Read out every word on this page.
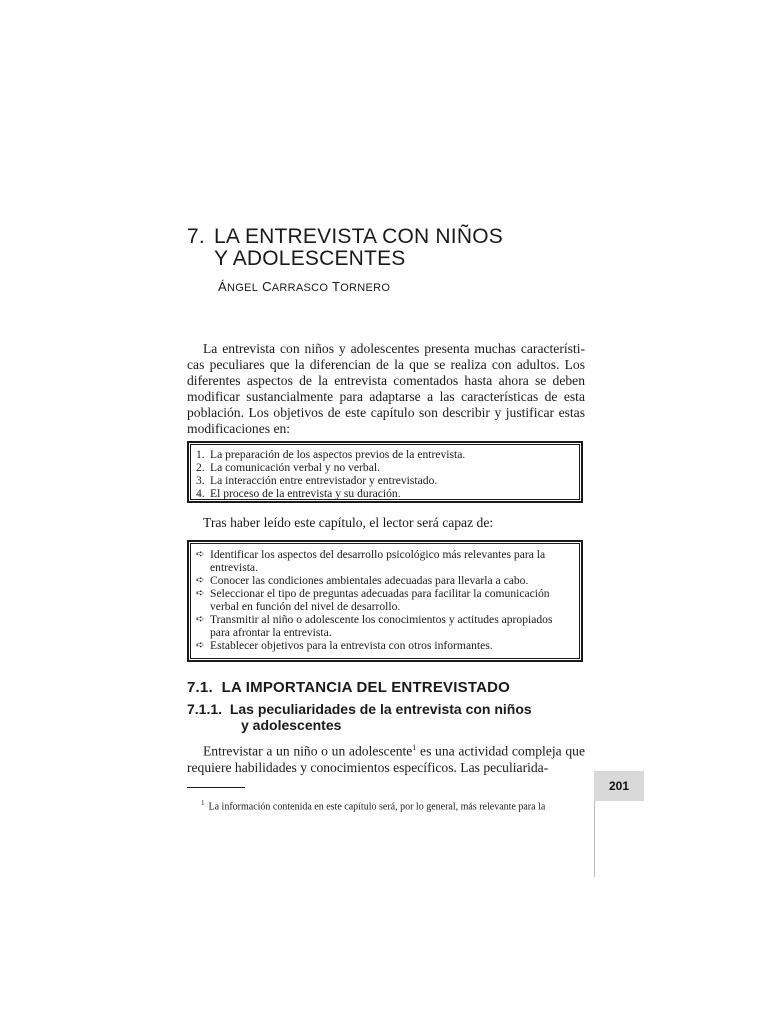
7. LA ENTREVISTA CON NIÑOS
Y ADOLESCENTES

ÁNGEL CARRASCO TORNERO

La entrevista con niños y adolescentes presenta muchas características peculiares que la diferencian de la que se realiza con adultos. Los diferentes aspectos de la entrevista comentados hasta ahora se deben modificar sustancialmente para adaptarse a las características de esta población. Los objetivos de este capítulo son describir y justificar estas modificaciones en:

1. La preparación de los aspectos previos de la entrevista.
2. La comunicación verbal y no verbal.
3. La interacción entre entrevistador y entrevistado.
4. El proceso de la entrevista y su duración.

Tras haber leído este capítulo, el lector será capaz de:

➪ Identificar los aspectos del desarrollo psicológico más relevantes para la entrevista.
➪ Conocer las condiciones ambientales adecuadas para llevarla a cabo.
➪ Seleccionar el tipo de preguntas adecuadas para facilitar la comunicación verbal en función del nivel de desarrollo.
➪ Transmitir al niño o adolescente los conocimientos y actitudes apropiados para afrontar la entrevista.
➪ Establecer objetivos para la entrevista con otros informantes.
7.1. LA IMPORTANCIA DEL ENTREVISTADO
7.1.1. Las peculiaridades de la entrevista con niños
y adolescentes

Entrevistar a un niño o un adolescente$^1$ es una actividad compleja que requiere habilidades y conocimientos específicos. Las peculiarida-

$^1$ La información contenida en este capítulo será, por lo general, más relevante para la

201
